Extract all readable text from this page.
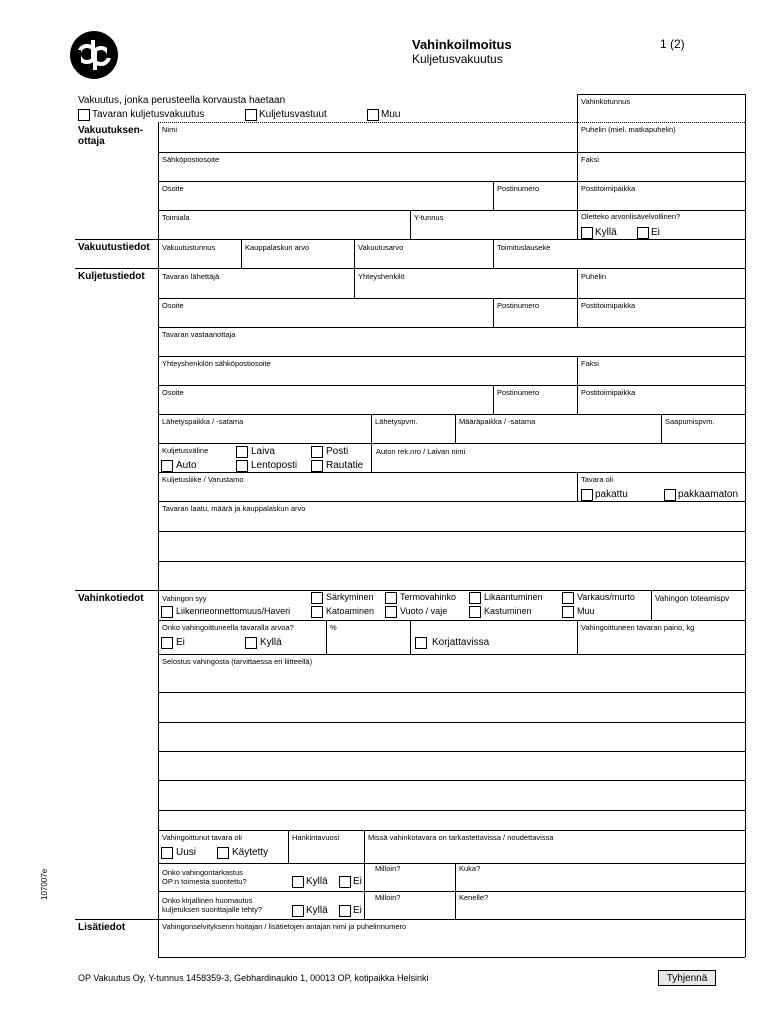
Vahinkoilmoitus
Kuljetusvakuutus
1 (2)
Vakuutus, jonka perusteella korvausta haetaan
Tavaran kuljetusvakuutus	Kuljetusvastuut	Muu
Vahinkotunnus
Vakuutuksen-
ottaja
Nimi	Puhelin (miel. matkapuhelin)
Sähköpostiosoite	Faksi
Osoite	Postinumero	Postitoimipaikka
Toimiala	Y-tunnus	Oletteko arvonlisävelvollinen?
Kyllä	Ei
Vakuutustiedot Vakuutustunnus	Kauppalaskun arvo	Vakuutusarvo	Toimituslauseke
Kuljetustiedot Tavaran lähettäjä	Yhteyshenkilö	Puhelin
Osoite	Postinumero	Postitoimipaikka
Tavaran vastaanottaja
Yhteyshenkilön sähköpostiosoite	Faksi
Osoite	Postinumero	Postitoimipaikka
Lähetyspaikka / -satama	Lähetyspvm.	Määräpaikka / -satama	Saapumispvm.
Kuljetusväline	Laiva	Posti
Auto	Lentoposti	Rautatie
Auton rek.nro / Laivan nimi
Kuljetusliike / Varustamo	Tavara oli
pakattu	pakkaamaton
Tavaran laatu, määrä ja kauppalaskun arvo
Vahinkotiedot Vahingon syy	Särkyminen	Termovahinko	Likaantuminen	Varkaus/murto	Vahingon toteamispv
Liikenneonnettomuus/Haveri	Katoaminen	Vuoto / vaje	Kastuminen	Muu
Onko vahingoittuneella tavaralla arvoa?	%
Ei	Kyllä	Korjattavissa
Vahingoittuneen tavaran paino, kg
Selostus vahingosta (tarvittaessa eri liitteellä)
Vahingoittunut tavara oli
Uusi	Käytetty
Hankintavuosi	Missä vahinkotavara on tarkastettavissa / noudettavissa
Onko vahingontarkastus
OP:n toimesta suoritettu?	Kyllä	Ei
Milloin?	Kuka?
Onko kirjallinen huomautus
kuljetuksen suorittajalle tehty?	Kyllä	Ei
Milloin?	Kenelle?
Lisätiedot	Vahingonselvityksenn hoitajan / lisätietojen antajan nimi ja puhelinnumero
107007e
OP Vakuutus Oy, Y-tunnus 1458359-3, Gebhardinaukio 1, 00013 OP, kotipaikka Helsinki	Tyhjennä
